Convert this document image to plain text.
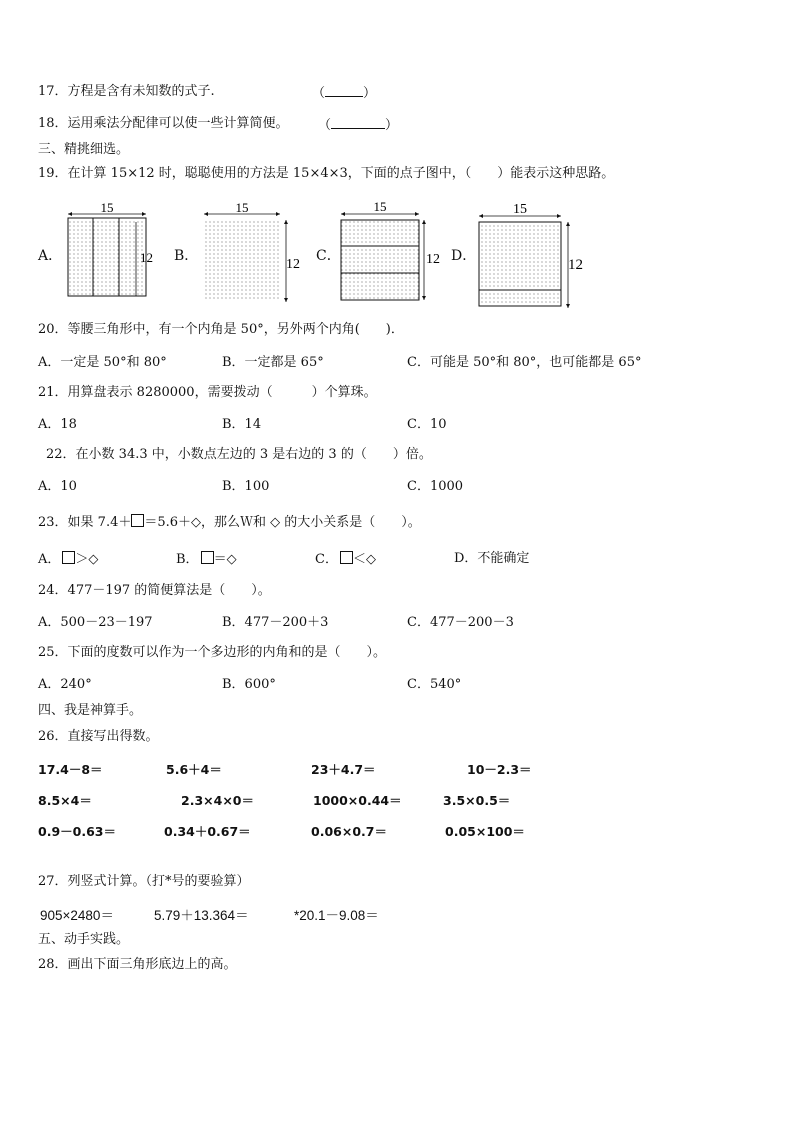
17．方程是含有未知数的式子.	（	）
18．运用乘法分配律可以使一些计算简便。 （	）
三、精挑细选。
19．在计算 15×12 时，聪聪使用的方法是 15×4×3，下面的点子图中，（　　）能表示这种思路。
A．	B．	C．	D．
15
12
15
12
15
12
15
12
20．等腰三角形中，有一个内角是 50°，另外两个内角(　　)．
A．一定是 50°和 80°	B．一定都是 65°	C．可能是 50°和 80°，也可能都是 65°
21．用算盘表示 8280000，需要拨动（　　　）个算珠。
A．18	B．14	C．10
22．在小数 34.3 中，小数点左边的 3 是右边的 3 的（　　）倍。
A．10	B．100	C．1000
23．如果 7.4＋ ＝5.6＋◇，那么Ｗ和 ◇ 的大小关系是（　　）。
A． ＞◇	B． ＝◇	C． ＜◇	D．不能确定
24．477－197 的简便算法是（　　）。
A．500－23－197	B．477－200＋3	C．477－200－3
25．下面的度数可以作为一个多边形的内角和的是（　　）。
A．240°	B．600°	C．540°
四、我是神算手。
26．直接写出得数。
17.4－8＝	5.6＋4＝	23＋4.7＝	10－2.3＝
8.5×4＝	2.3×4×0＝	1000×0.44＝	3.5×0.5＝
0.9－0.63＝	0.34＋0.67＝	0.06×0.7＝	0.05×100＝
27．列竖式计算。（打*号的要验算）
905×2480＝	5.79＋13.364＝	*20.1－9.08＝
五、动手实践。
28．画出下面三角形底边上的高。
